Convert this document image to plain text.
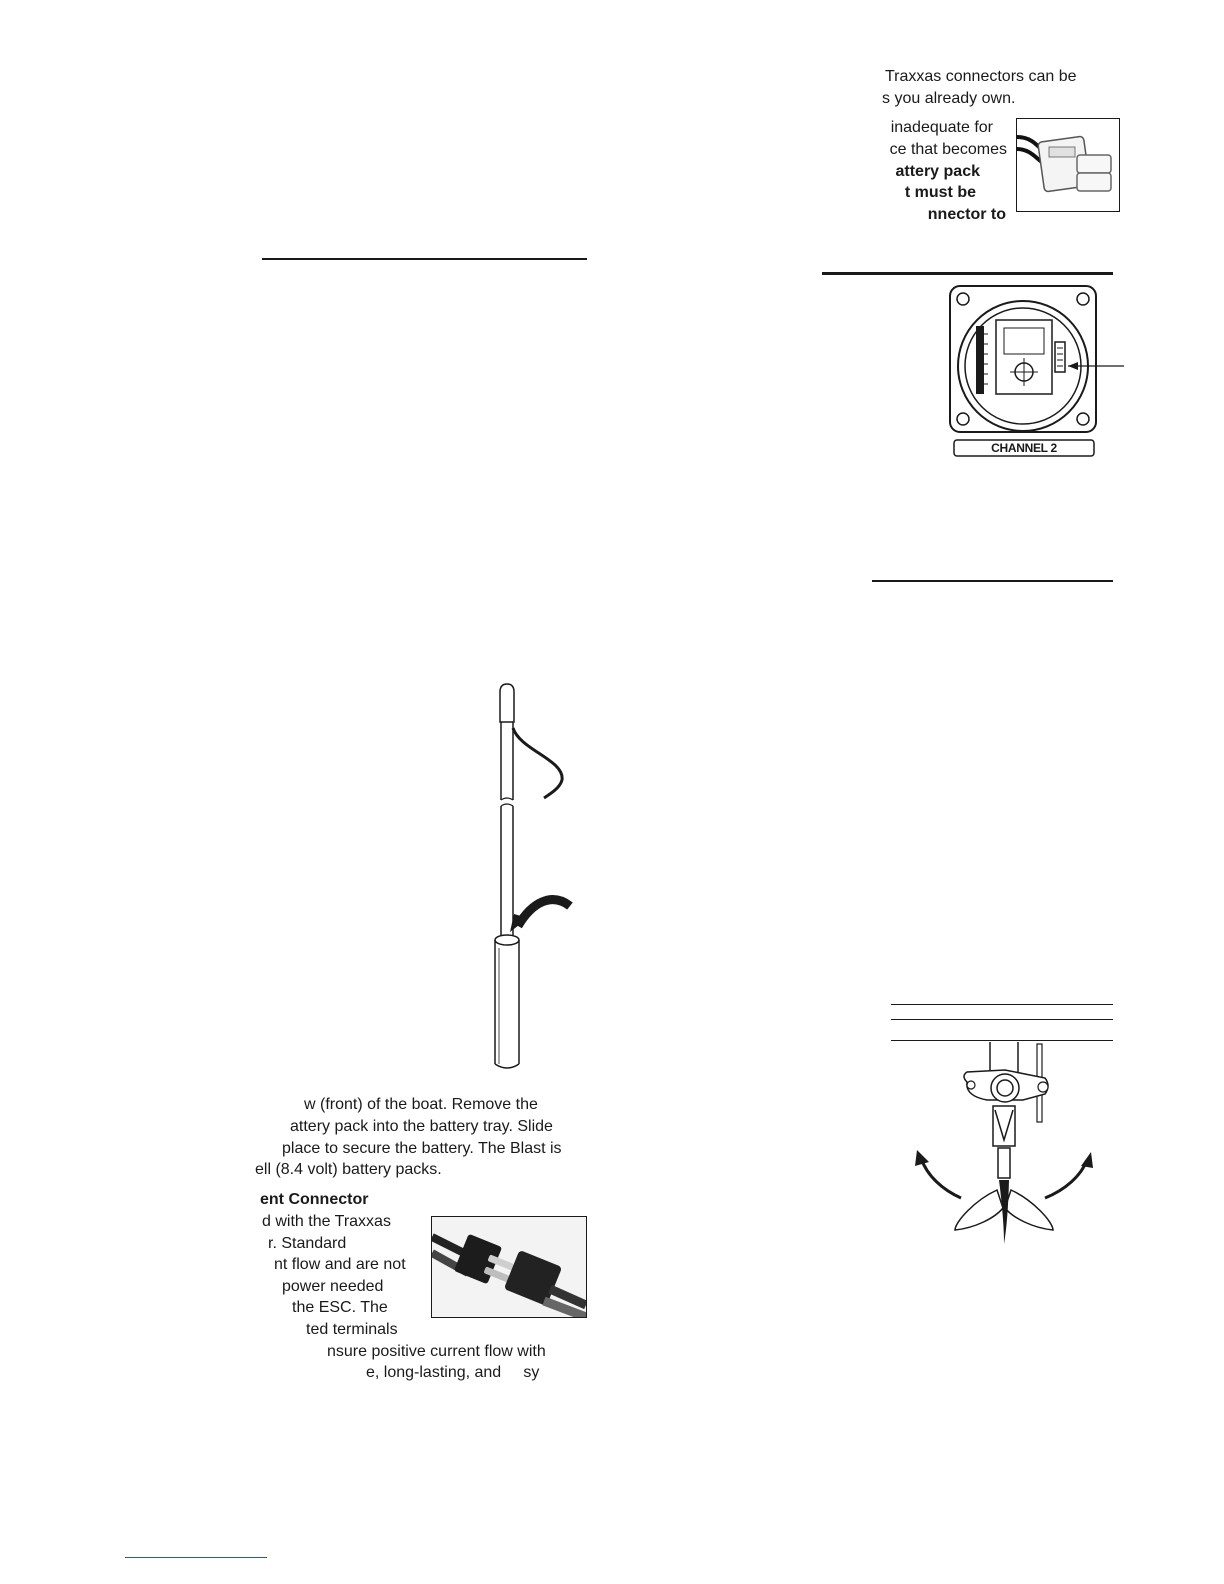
Traxxas connectors can be
s you already own.
inadequate for
ce that becomes
attery pack
t must be
nnector to
CHANNEL 2
w (front) of the boat. Remove the
attery pack into the battery tray. Slide
place to secure the battery. The Blast is
ell (8.4 volt) battery packs.
ent Connector
d with the Traxxas
r. Standard
nt flow and are not
power needed
the ESC. The
ted terminals
nsure positive current flow with
e, long-lasting, and     sy
